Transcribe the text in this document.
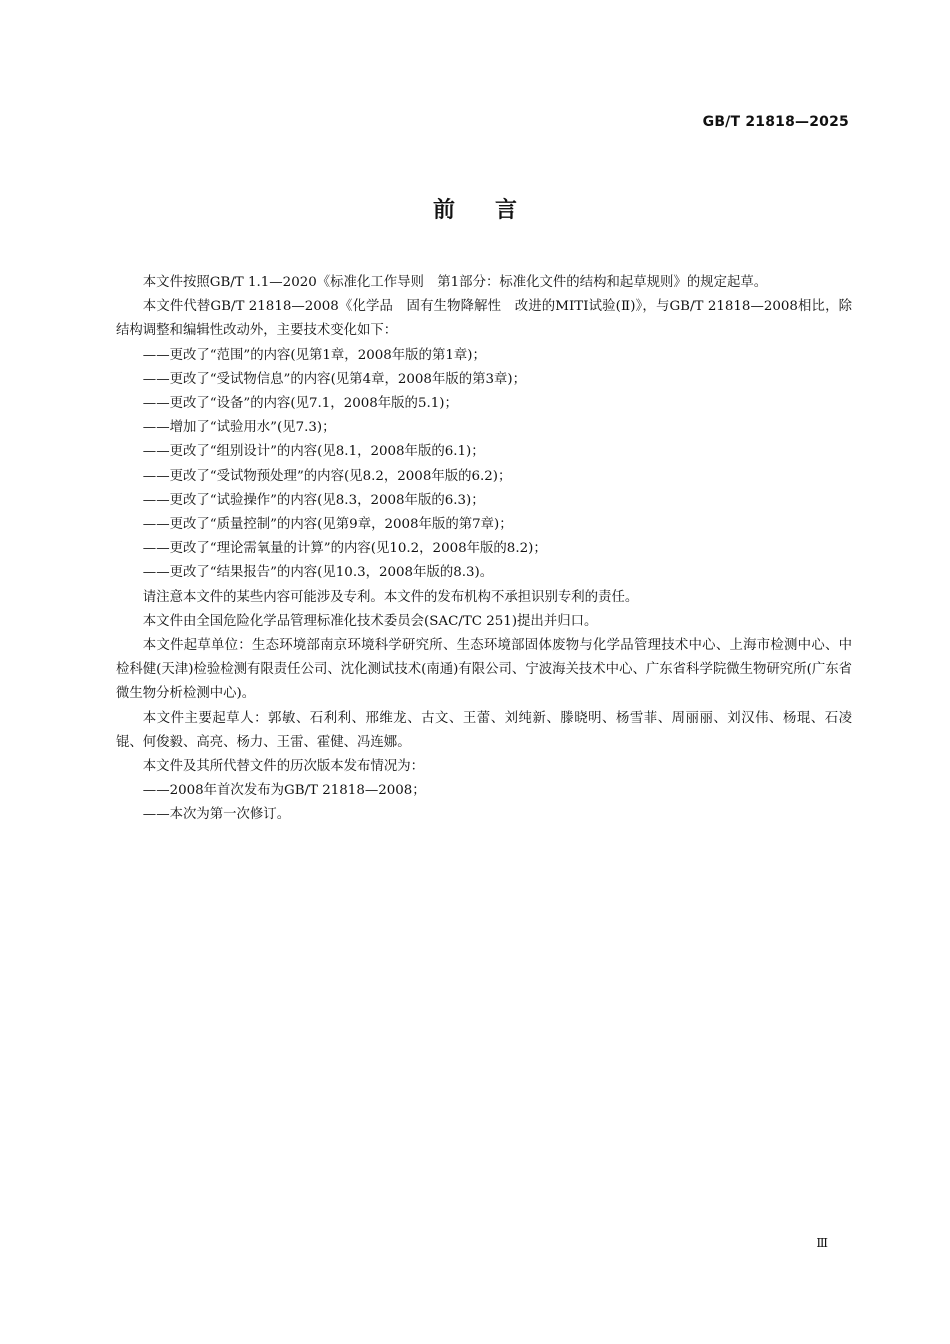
GB/T 21818—2025
前言

本文件按照GB/T 1.1—2020《标准化工作导则　第1部分：标准化文件的结构和起草规则》的规定起草。

本文件代替GB/T 21818—2008《化学品　固有生物降解性　改进的MITI试验(Ⅱ)》，与GB/T 21818—2008相比，除结构调整和编辑性改动外，主要技术变化如下：

——更改了“范围”的内容(见第1章，2008年版的第1章)；

——更改了“受试物信息”的内容(见第4章，2008年版的第3章)；

——更改了“设备”的内容(见7.1，2008年版的5.1)；

——增加了“试验用水”(见7.3)；

——更改了“组别设计”的内容(见8.1，2008年版的6.1)；

——更改了“受试物预处理”的内容(见8.2，2008年版的6.2)；

——更改了“试验操作”的内容(见8.3，2008年版的6.3)；

——更改了“质量控制”的内容(见第9章，2008年版的第7章)；

——更改了“理论需氧量的计算”的内容(见10.2，2008年版的8.2)；

——更改了“结果报告”的内容(见10.3，2008年版的8.3)。

请注意本文件的某些内容可能涉及专利。本文件的发布机构不承担识别专利的责任。

本文件由全国危险化学品管理标准化技术委员会(SAC/TC 251)提出并归口。

本文件起草单位：生态环境部南京环境科学研究所、生态环境部固体废物与化学品管理技术中心、上海市检测中心、中检科健(天津)检验检测有限责任公司、沈化测试技术(南通)有限公司、宁波海关技术中心、广东省科学院微生物研究所(广东省微生物分析检测中心)。

本文件主要起草人：郭敏、石利利、邢维龙、古文、王蕾、刘纯新、滕晓明、杨雪菲、周丽丽、刘汉伟、杨琨、石凌锟、何俊毅、高亮、杨力、王雷、霍健、冯连娜。

本文件及其所代替文件的历次版本发布情况为：

——2008年首次发布为GB/T 21818—2008；

——本次为第一次修订。

Ⅲ
